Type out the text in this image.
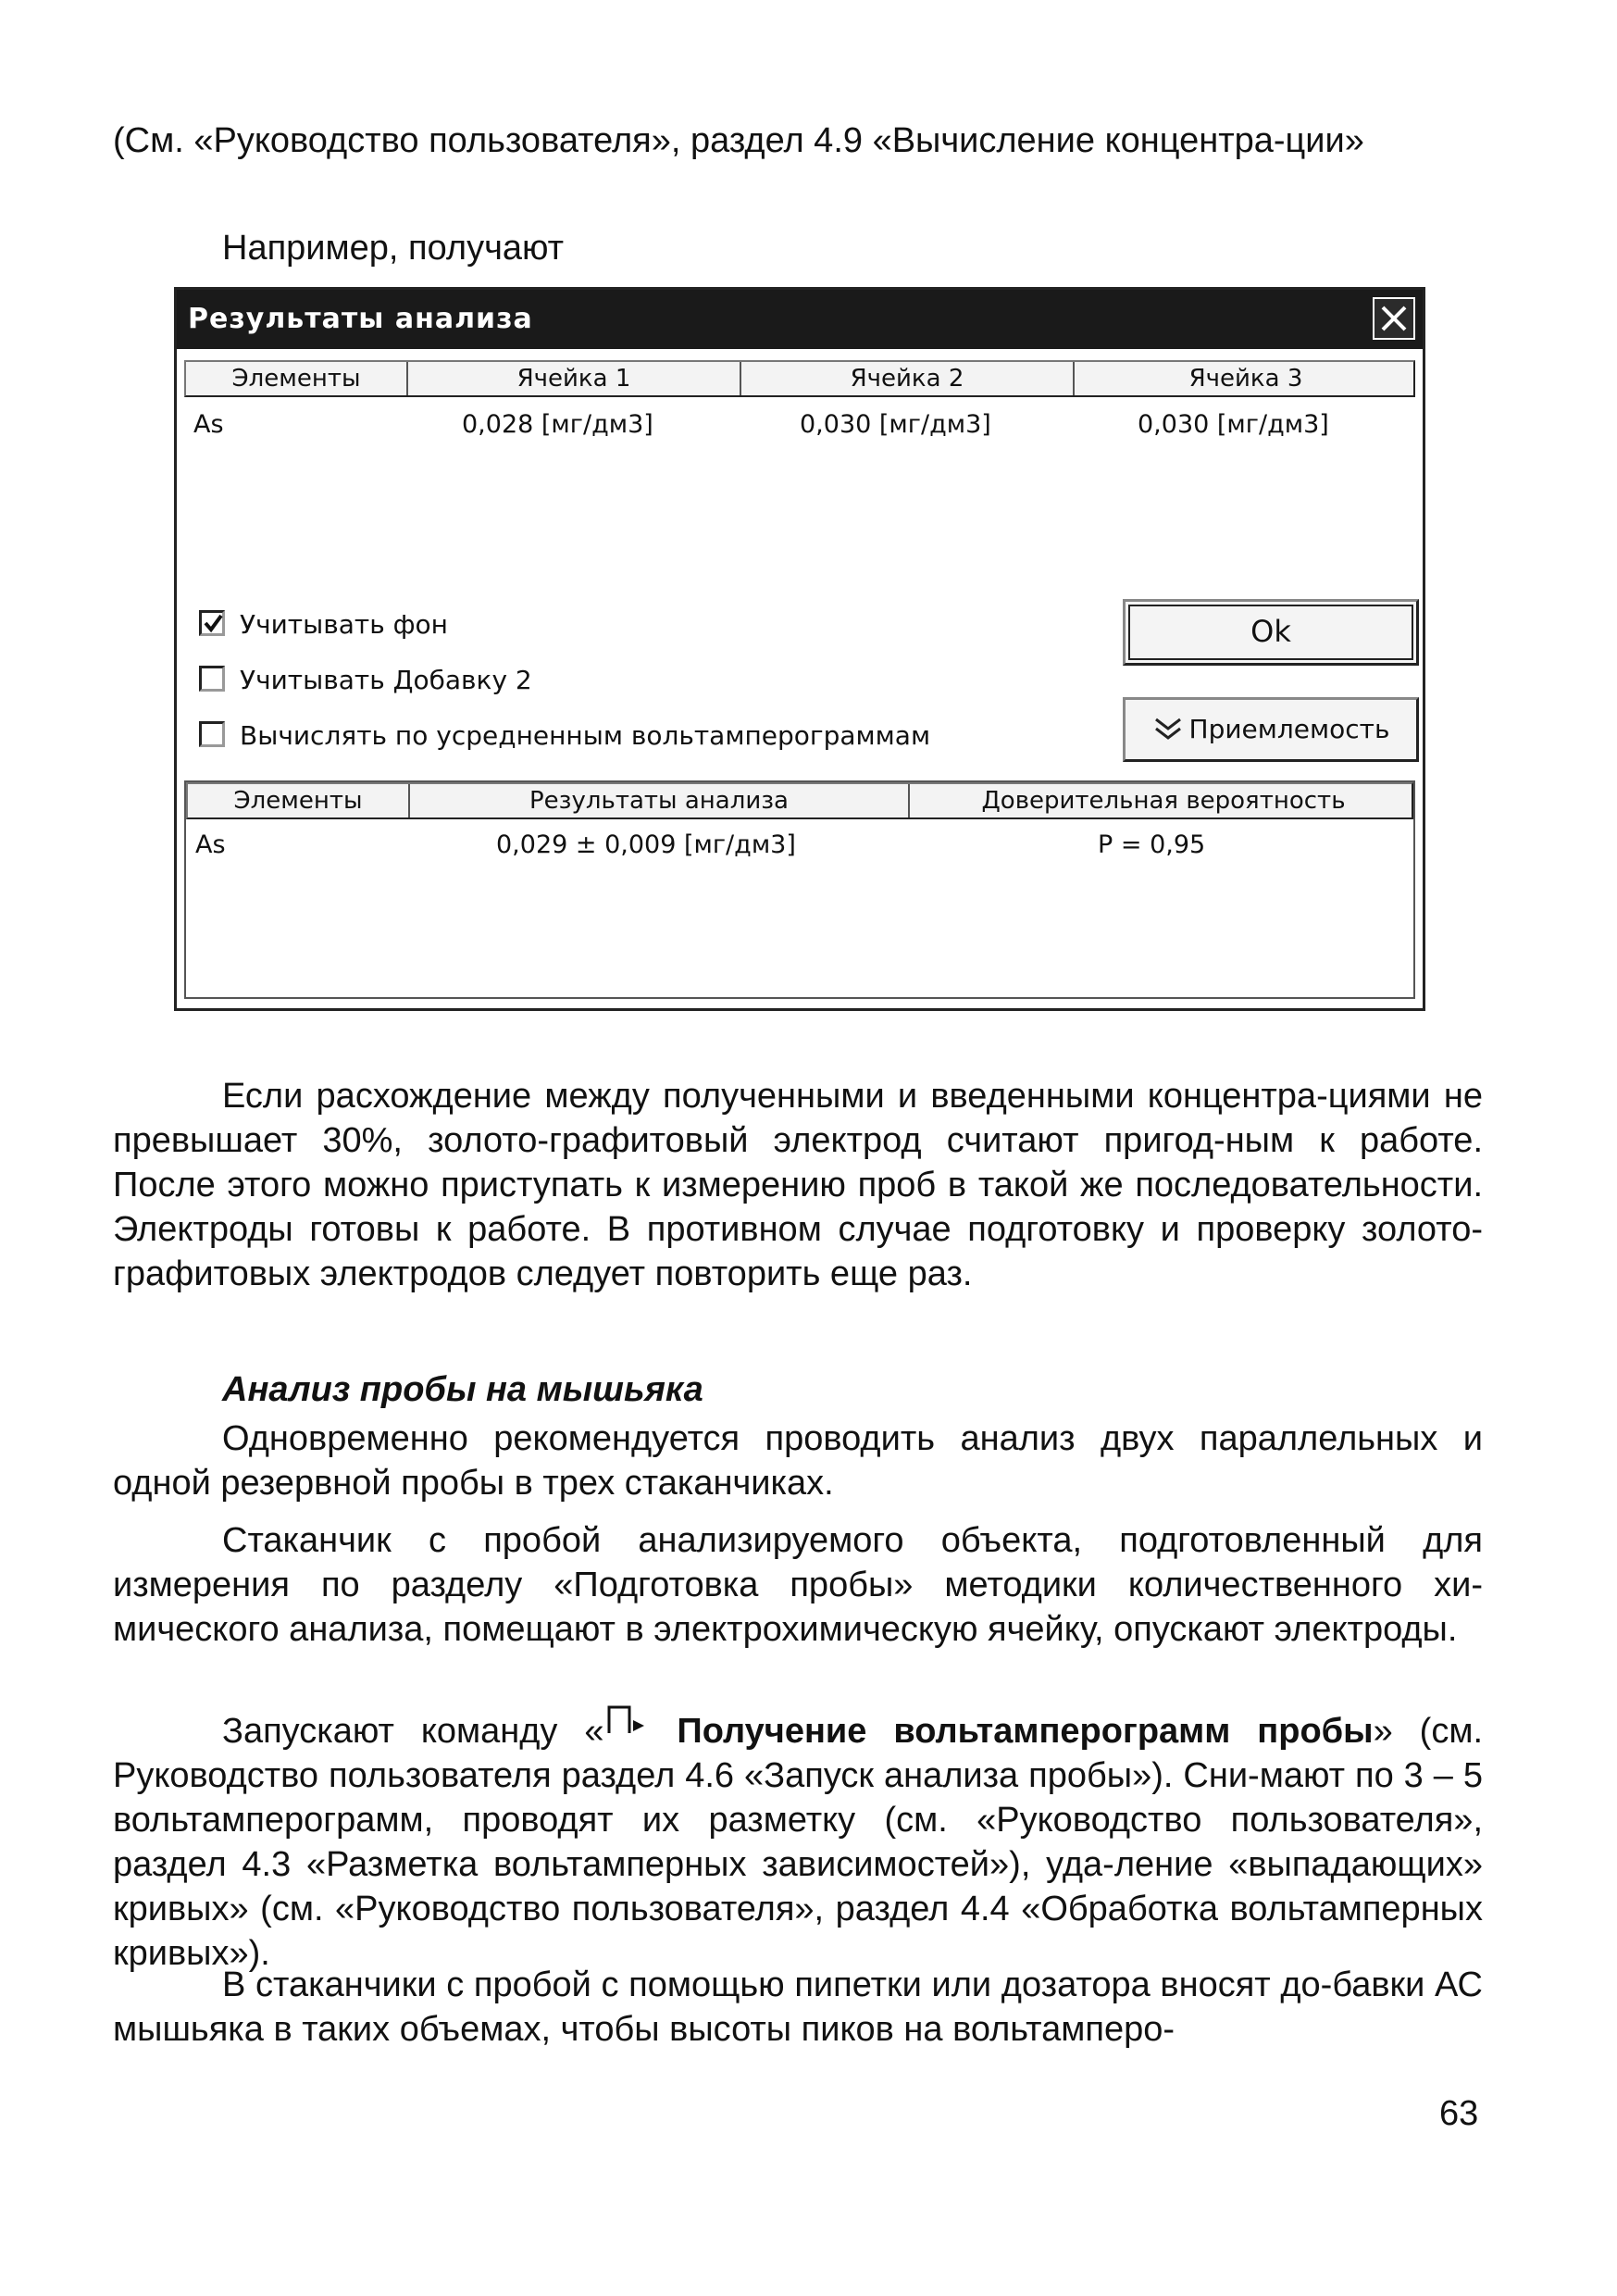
(См. «Руководство пользователя», раздел 4.9 «Вычисление концентра-ции»

Например, получают

Результаты анализа
Элементы	Ячейка 1	Ячейка 2	Ячейка 3
As	0,028 [мг/дм3]	0,030 [мг/дм3]	0,030 [мг/дм3]
Учитывать фон
Учитывать Добавку 2
Вычислять по усредненным вольтамперограммам
Ok
Приемлемость
Элементы	Результаты анализа	Доверительная вероятность
As	0,029 ± 0,009 [мг/дм3]	P = 0,95

Если расхождение между полученными и введенными концентра-циями не превышает 30%, золото-графитовый электрод считают пригод-ным к работе. После этого можно приступать к измерению проб в такой же последовательности. Электроды готовы к работе. В противном случае подготовку и проверку золото-графитовых электродов следует повторить еще раз.

Анализ пробы на мышьяка

Одновременно рекомендуется проводить анализ двух параллельных и одной резервной пробы в трех стаканчиках.

Стаканчик с пробой анализируемого объекта, подготовленный для измерения по разделу «Подготовка пробы» методики количественного хи-мического анализа, помещают в электрохимическую ячейку, опускают электроды.

Запускают команду « Получение вольтамперограмм пробы» (см. Руководство пользователя раздел 4.6 «Запуск анализа пробы»). Сни-мают по 3 – 5 вольтамперограмм, проводят их разметку (см. «Руководство пользователя», раздел 4.3 «Разметка вольтамперных зависимостей»), уда-ление «выпадающих» кривых» (см. «Руководство пользователя», раздел 4.4 «Обработка вольтамперных кривых»).

В стаканчики с пробой с помощью пипетки или дозатора вносят до-бавки АС мышьяка в таких объемах, чтобы высоты пиков на вольтамперо-

63
